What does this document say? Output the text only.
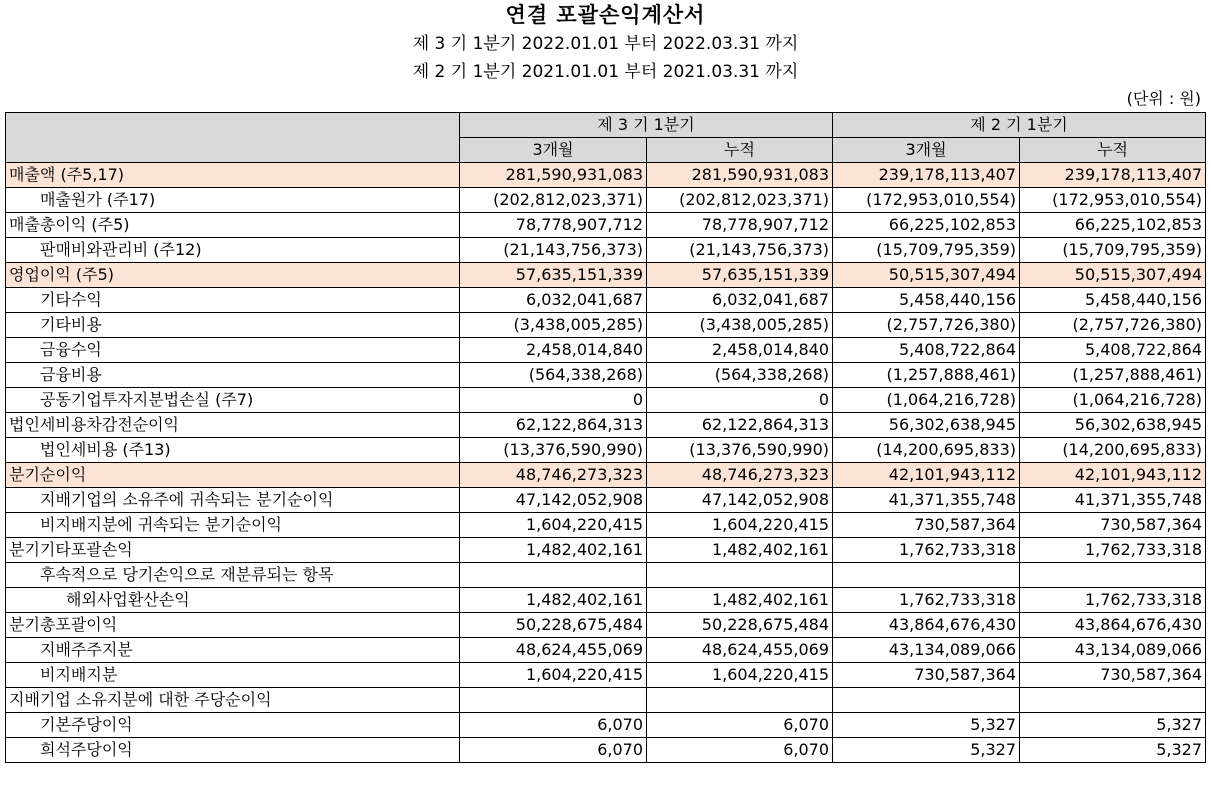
연결 포괄손익계산서
제 3 기 1분기 2022.01.01 부터 2022.03.31 까지
제 2 기 1분기 2021.01.01 부터 2021.03.31 까지
(단위 : 원)
	제 3 기 1분기		제 2 기 1분기	
	3개월	누적	3개월	누적
매출액 (주5,17)	281,590,931,083	281,590,931,083	239,178,113,407	239,178,113,407
매출원가 (주17)	(202,812,023,371)	(202,812,023,371)	(172,953,010,554)	(172,953,010,554)
매출총이익 (주5)	78,778,907,712	78,778,907,712	66,225,102,853	66,225,102,853
판매비와관리비 (주12)	(21,143,756,373)	(21,143,756,373)	(15,709,795,359)	(15,709,795,359)
영업이익 (주5)	57,635,151,339	57,635,151,339	50,515,307,494	50,515,307,494
기타수익	6,032,041,687	6,032,041,687	5,458,440,156	5,458,440,156
기타비용	(3,438,005,285)	(3,438,005,285)	(2,757,726,380)	(2,757,726,380)
금융수익	2,458,014,840	2,458,014,840	5,408,722,864	5,408,722,864
금융비용	(564,338,268)	(564,338,268)	(1,257,888,461)	(1,257,888,461)
공동기업투자지분법손실 (주7)	0	0	(1,064,216,728)	(1,064,216,728)
법인세비용차감전순이익	62,122,864,313	62,122,864,313	56,302,638,945	56,302,638,945
법인세비용 (주13)	(13,376,590,990)	(13,376,590,990)	(14,200,695,833)	(14,200,695,833)
분기순이익	48,746,273,323	48,746,273,323	42,101,943,112	42,101,943,112
지배기업의 소유주에 귀속되는 분기순이익	47,142,052,908	47,142,052,908	41,371,355,748	41,371,355,748
비지배지분에 귀속되는 분기순이익	1,604,220,415	1,604,220,415	730,587,364	730,587,364
분기기타포괄손익	1,482,402,161	1,482,402,161	1,762,733,318	1,762,733,318
후속적으로 당기손익으로 재분류되는 항목				
해외사업환산손익	1,482,402,161	1,482,402,161	1,762,733,318	1,762,733,318
분기총포괄이익	50,228,675,484	50,228,675,484	43,864,676,430	43,864,676,430
지배주주지분	48,624,455,069	48,624,455,069	43,134,089,066	43,134,089,066
비지배지분	1,604,220,415	1,604,220,415	730,587,364	730,587,364
지배기업 소유지분에 대한 주당순이익				
기본주당이익	6,070	6,070	5,327	5,327
희석주당이익	6,070	6,070	5,327	5,327
